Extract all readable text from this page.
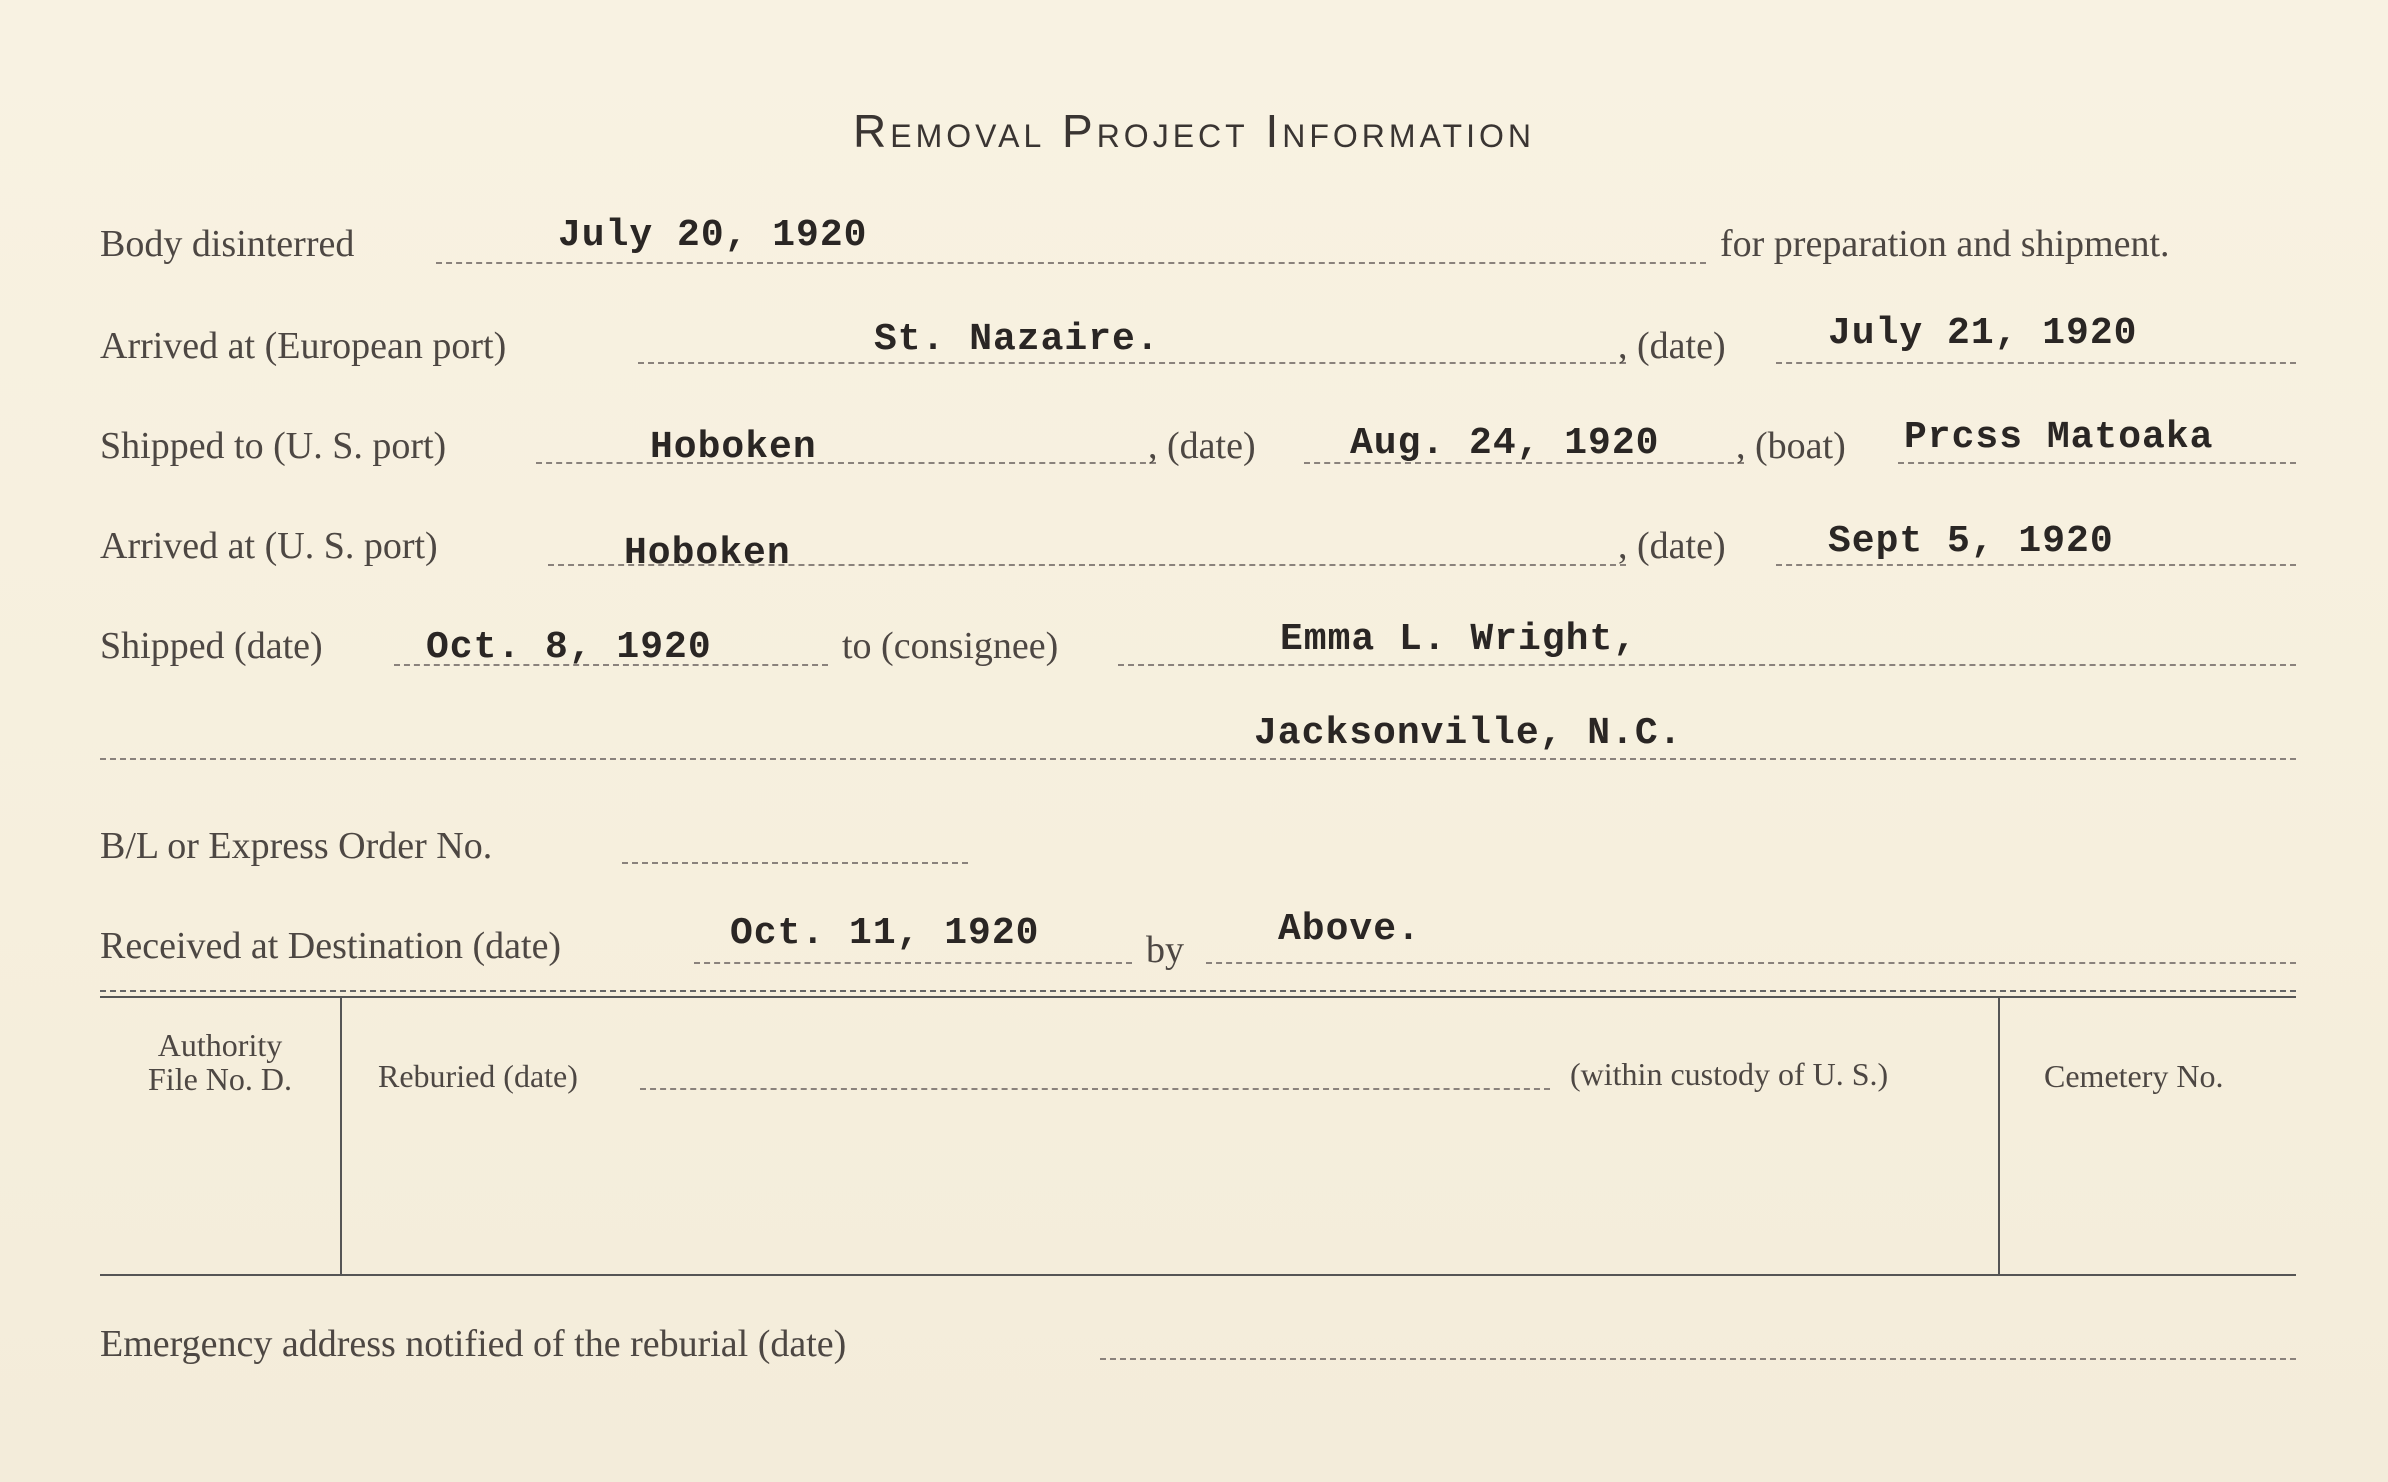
Removal Project Information
Body disinterred	July 20, 1920	for preparation and shipment.
Arrived at (European port)	St. Nazaire.	, (date)	July 21, 1920
Shipped to (U. S. port)	Hoboken	, (date) Aug. 24, 1920 , (boat) Prcss Matoaka
Arrived at (U. S. port)	Hoboken	, (date)	Sept 5, 1920
Shipped (date)	Oct. 8, 1920	to (consignee)	Emma L. Wright,
Jacksonville, N.C.
B/L or Express Order No.
Received at Destination (date)	Oct. 11, 1920	by Above.
Authority
File No. D.	Reburied (date)	(within custody of U. S.)	Cemetery No.
Emergency address notified of the reburial (date)
